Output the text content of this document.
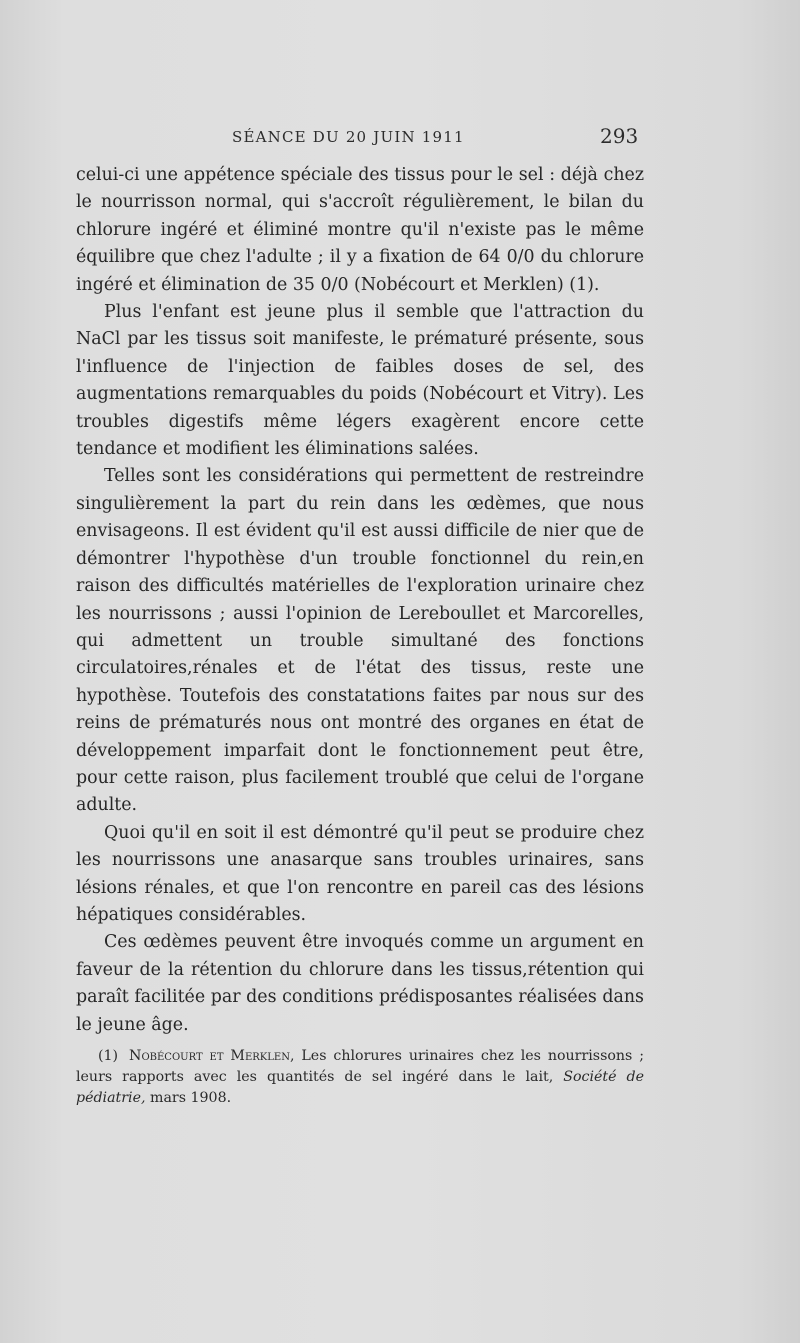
SÉANCE DU 20 JUIN 1911	293

celui-ci une appétence spéciale des tissus pour le sel : déjà chez le nourrisson normal, qui s'accroît régulièrement, le bilan du chlorure ingéré et éliminé montre qu'il n'existe pas le même équilibre que chez l'adulte ; il y a fixation de 64 0/0 du chlorure ingéré et élimination de 35 0/0 (Nobécourt et Merklen) (1).

Plus l'enfant est jeune plus il semble que l'attraction du NaCl par les tissus soit manifeste, le prématuré présente, sous l'influence de l'injection de faibles doses de sel, des augmentations remarquables du poids (Nobécourt et Vitry). Les troubles digestifs même légers exagèrent encore cette tendance et modifient les éliminations salées.

Telles sont les considérations qui permettent de restreindre singulièrement la part du rein dans les œdèmes, que nous envisageons. Il est évident qu'il est aussi difficile de nier que de démontrer l'hypothèse d'un trouble fonctionnel du rein,en raison des difficultés matérielles de l'exploration urinaire chez les nourrissons ; aussi l'opinion de Lereboullet et Marcorelles, qui admettent un trouble simultané des fonctions circulatoires,rénales et de l'état des tissus, reste une hypothèse. Toutefois des constatations faites par nous sur des reins de prématurés nous ont montré des organes en état de développement imparfait dont le fonctionnement peut être, pour cette raison, plus facilement troublé que celui de l'organe adulte.

Quoi qu'il en soit il est démontré qu'il peut se produire chez les nourrissons une anasarque sans troubles urinaires, sans lésions rénales, et que l'on rencontre en pareil cas des lésions hépatiques considérables.

Ces œdèmes peuvent être invoqués comme un argument en faveur de la rétention du chlorure dans les tissus,rétention qui paraît facilitée par des conditions prédisposantes réalisées dans le jeune âge.

(1) Nobécourt et Merklen, Les chlorures urinaires chez les nourrissons ; leurs rapports avec les quantités de sel ingéré dans le lait, Société de pédiatrie, mars 1908.
